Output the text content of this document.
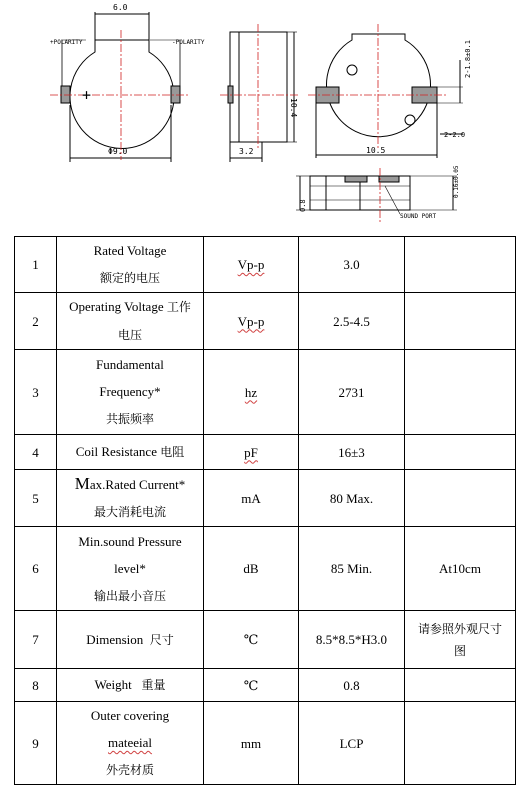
6.0
+POLARITY	-POLARITY
+
Φ9.0	3.2
10.4
2-1.8±0.1
2-2.0
10.5
0.8
0.16±0.05
SOUND PORT
1	Rated Voltage
额定的电压	Vp-p	3.0	
2	Operating Voltage 工作
电压	Vp-p	2.5-4.5	
3	Fundamental
Frequency*
共振频率	hz	2731	
4	Coil Resistance 电阻	pF	16±3	
5	Max.Rated Current*
最大消耗电流	mA	80 Max.	
6	Min.sound Pressure
level*
输出最小音压	dB	85 Min.	At10cm
7	Dimension 尺寸	℃	8.5*8.5*H3.0	请参照外观尺寸
图
8	Weight 重量	℃	0.8	
9	Outer covering
mateeial
外壳材质	mm	LCP	
